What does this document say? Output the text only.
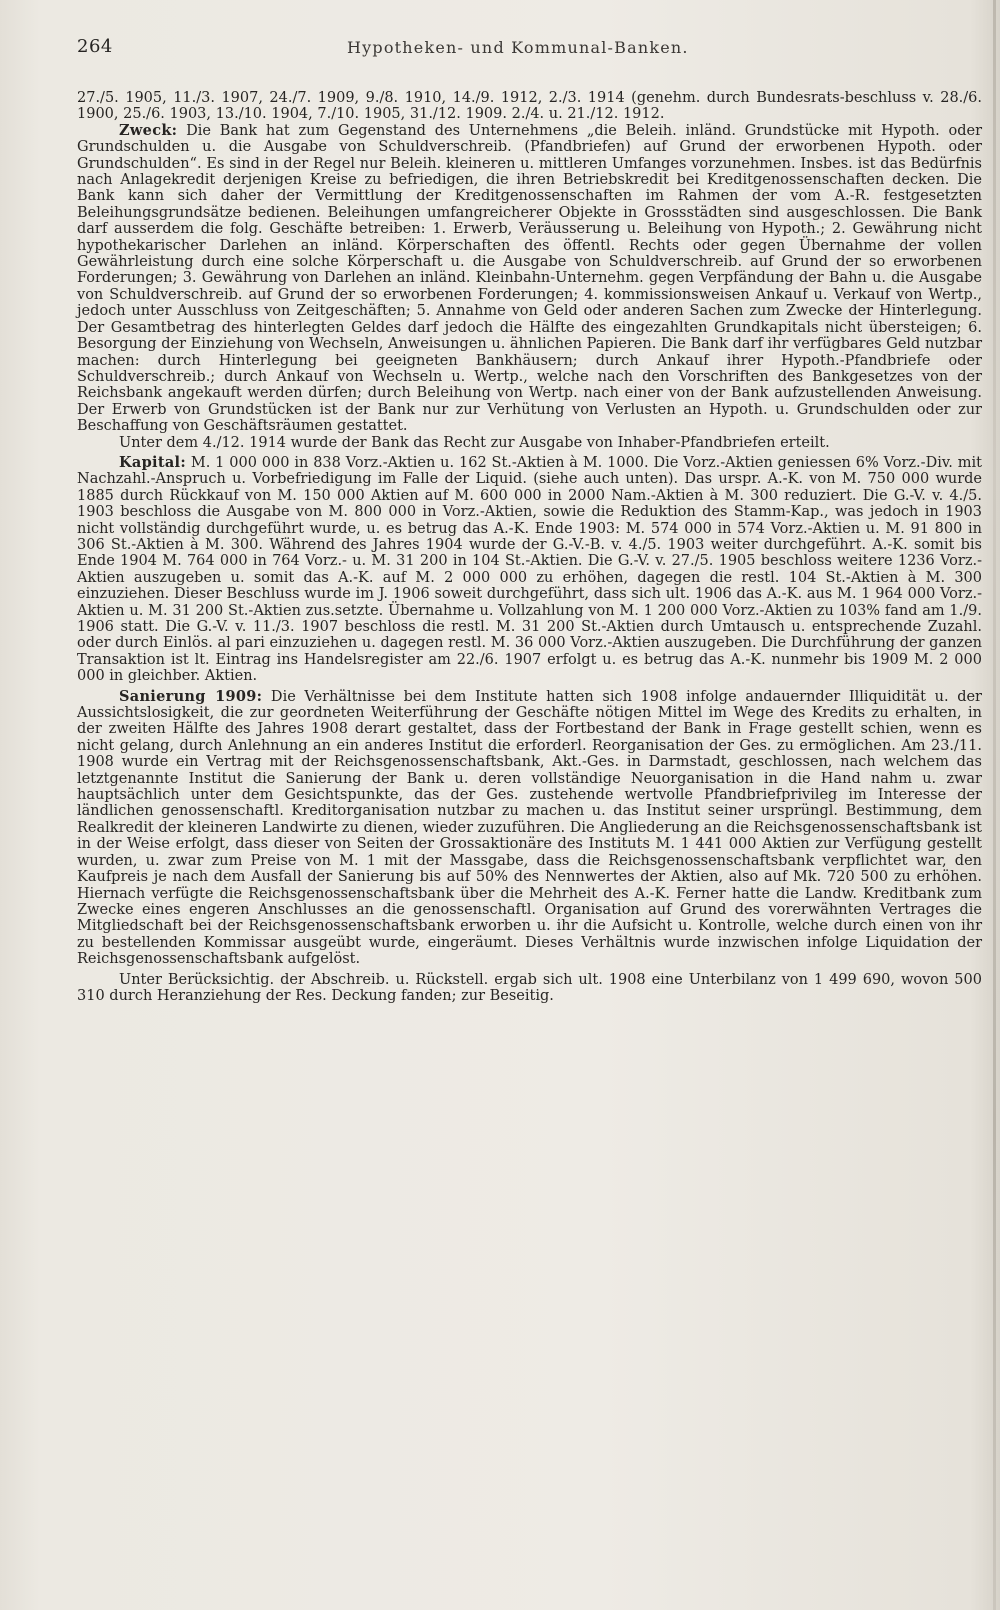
264	Hypotheken- und Kommunal-Banken.

27./5. 1905, 11./3. 1907, 24./7. 1909, 9./8. 1910, 14./9. 1912, 2./3. 1914 (genehm. durch Bundesrats-beschluss v. 28./6. 1900, 25./6. 1903, 13./10. 1904, 7./10. 1905, 31./12. 1909. 2./4. u. 21./12. 1912.

Zweck: Die Bank hat zum Gegenstand des Unternehmens „die Beleih. inländ. Grundstücke mit Hypoth. oder Grundschulden u. die Ausgabe von Schuldverschreib. (Pfandbriefen) auf Grund der erworbenen Hypoth. oder Grundschulden“. Es sind in der Regel nur Beleih. kleineren u. mittleren Umfanges vorzunehmen. Insbes. ist das Bedürfnis nach Anlagekredit derjenigen Kreise zu befriedigen, die ihren Betriebskredit bei Kreditgenossenschaften decken. Die Bank kann sich daher der Vermittlung der Kreditgenossenschaften im Rahmen der vom A.-R. festgesetzten Beleihungsgrundsätze bedienen. Beleihungen umfangreicherer Objekte in Grossstädten sind ausgeschlossen. Die Bank darf ausserdem die folg. Geschäfte betreiben: 1. Erwerb, Veräusserung u. Beleihung von Hypoth.; 2. Gewährung nicht hypothekarischer Darlehen an inländ. Körperschaften des öffentl. Rechts oder gegen Übernahme der vollen Gewährleistung durch eine solche Körperschaft u. die Ausgabe von Schuldverschreib. auf Grund der so erworbenen Forderungen; 3. Gewährung von Darlehen an inländ. Kleinbahn-Unternehm. gegen Verpfändung der Bahn u. die Ausgabe von Schuldverschreib. auf Grund der so erworbenen Forderungen; 4. kommissionsweisen Ankauf u. Verkauf von Wertp., jedoch unter Ausschluss von Zeitgeschäften; 5. Annahme von Geld oder anderen Sachen zum Zwecke der Hinterlegung. Der Gesamtbetrag des hinterlegten Geldes darf jedoch die Hälfte des eingezahlten Grundkapitals nicht übersteigen; 6. Besorgung der Einziehung von Wechseln, Anweisungen u. ähnlichen Papieren. Die Bank darf ihr verfügbares Geld nutzbar machen: durch Hinterlegung bei geeigneten Bankhäusern; durch Ankauf ihrer Hypoth.-Pfandbriefe oder Schuldverschreib.; durch Ankauf von Wechseln u. Wertp., welche nach den Vorschriften des Bankgesetzes von der Reichsbank angekauft werden dürfen; durch Beleihung von Wertp. nach einer von der Bank aufzustellenden Anweisung. Der Erwerb von Grundstücken ist der Bank nur zur Verhütung von Verlusten an Hypoth. u. Grundschulden oder zur Beschaffung von Geschäftsräumen gestattet.

Unter dem 4./12. 1914 wurde der Bank das Recht zur Ausgabe von Inhaber-Pfandbriefen erteilt.

Kapital: M. 1 000 000 in 838 Vorz.-Aktien u. 162 St.-Aktien à M. 1000. Die Vorz.-Aktien geniessen 6% Vorz.-Div. mit Nachzahl.-Anspruch u. Vorbefriedigung im Falle der Liquid. (siehe auch unten). Das urspr. A.-K. von M. 750 000 wurde 1885 durch Rückkauf von M. 150 000 Aktien auf M. 600 000 in 2000 Nam.-Aktien à M. 300 reduziert. Die G.-V. v. 4./5. 1903 beschloss die Ausgabe von M. 800 000 in Vorz.-Aktien, sowie die Reduktion des Stamm-Kap., was jedoch in 1903 nicht vollständig durchgeführt wurde, u. es betrug das A.-K. Ende 1903: M. 574 000 in 574 Vorz.-Aktien u. M. 91 800 in 306 St.-Aktien à M. 300. Während des Jahres 1904 wurde der G.-V.-B. v. 4./5. 1903 weiter durchgeführt. A.-K. somit bis Ende 1904 M. 764 000 in 764 Vorz.- u. M. 31 200 in 104 St.-Aktien. Die G.-V. v. 27./5. 1905 beschloss weitere 1236 Vorz.-Aktien auszugeben u. somit das A.-K. auf M. 2 000 000 zu erhöhen, dagegen die restl. 104 St.-Aktien à M. 300 einzuziehen. Dieser Beschluss wurde im J. 1906 soweit durchgeführt, dass sich ult. 1906 das A.-K. aus M. 1 964 000 Vorz.-Aktien u. M. 31 200 St.-Aktien zus.setzte. Übernahme u. Vollzahlung von M. 1 200 000 Vorz.-Aktien zu 103% fand am 1./9. 1906 statt. Die G.-V. v. 11./3. 1907 beschloss die restl. M. 31 200 St.-Aktien durch Umtausch u. entsprechende Zuzahl. oder durch Einlös. al pari einzuziehen u. dagegen restl. M. 36 000 Vorz.-Aktien auszugeben. Die Durchführung der ganzen Transaktion ist lt. Eintrag ins Handelsregister am 22./6. 1907 erfolgt u. es betrug das A.-K. nunmehr bis 1909 M. 2 000 000 in gleichber. Aktien.

Sanierung 1909: Die Verhältnisse bei dem Institute hatten sich 1908 infolge andauernder Illiquidität u. der Aussichtslosigkeit, die zur geordneten Weiterführung der Geschäfte nötigen Mittel im Wege des Kredits zu erhalten, in der zweiten Hälfte des Jahres 1908 derart gestaltet, dass der Fortbestand der Bank in Frage gestellt schien, wenn es nicht gelang, durch Anlehnung an ein anderes Institut die erforderl. Reorganisation der Ges. zu ermöglichen. Am 23./11. 1908 wurde ein Vertrag mit der Reichsgenossenschaftsbank, Akt.-Ges. in Darmstadt, geschlossen, nach welchem das letztgenannte Institut die Sanierung der Bank u. deren vollständige Neuorganisation in die Hand nahm u. zwar hauptsächlich unter dem Gesichtspunkte, das der Ges. zustehende wertvolle Pfandbriefprivileg im Interesse der ländlichen genossenschaftl. Kreditorganisation nutzbar zu machen u. das Institut seiner ursprüngl. Bestimmung, dem Realkredit der kleineren Landwirte zu dienen, wieder zuzuführen. Die Angliederung an die Reichsgenossenschaftsbank ist in der Weise erfolgt, dass dieser von Seiten der Grossaktionäre des Instituts M. 1 441 000 Aktien zur Verfügung gestellt wurden, u. zwar zum Preise von M. 1 mit der Massgabe, dass die Reichsgenossenschaftsbank verpflichtet war, den Kaufpreis je nach dem Ausfall der Sanierung bis auf 50% des Nennwertes der Aktien, also auf Mk. 720 500 zu erhöhen. Hiernach verfügte die Reichsgenossenschaftsbank über die Mehrheit des A.-K. Ferner hatte die Landw. Kreditbank zum Zwecke eines engeren Anschlusses an die genossenschaftl. Organisation auf Grund des vorerwähnten Vertrages die Mitgliedschaft bei der Reichsgenossenschaftsbank erworben u. ihr die Aufsicht u. Kontrolle, welche durch einen von ihr zu bestellenden Kommissar ausgeübt wurde, eingeräumt. Dieses Verhältnis wurde inzwischen infolge Liquidation der Reichsgenossenschaftsbank aufgelöst.

Unter Berücksichtig. der Abschreib. u. Rückstell. ergab sich ult. 1908 eine Unterbilanz von 1 499 690, wovon 500 310 durch Heranziehung der Res. Deckung fanden; zur Beseitig.
